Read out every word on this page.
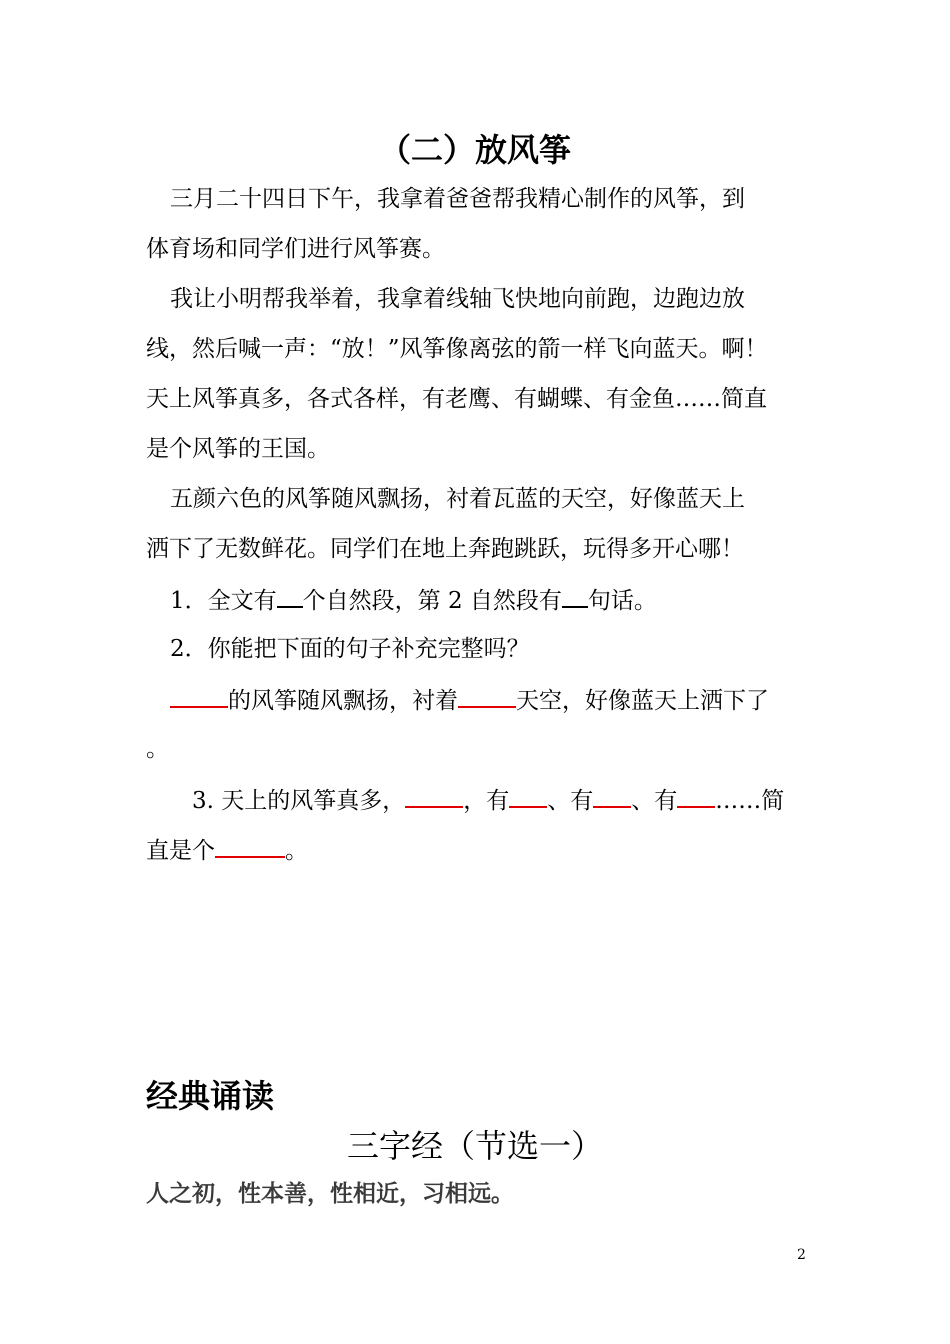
（二）放风筝
三月二十四日下午，我拿着爸爸帮我精心制作的风筝，到
体育场和同学们进行风筝赛。
我让小明帮我举着，我拿着线轴飞快地向前跑，边跑边放
线，然后喊一声：“放！”风筝像离弦的箭一样飞向蓝天。啊！
天上风筝真多，各式各样，有老鹰、有蝴蝶、有金鱼……简直
是个风筝的王国。
五颜六色的风筝随风飘扬，衬着瓦蓝的天空，好像蓝天上
洒下了无数鲜花。同学们在地上奔跑跳跃，玩得多开心哪！
1．全文有 个自然段，第 2 自然段有 句话。
2．你能把下面的句子补充完整吗？
的风筝随风飘扬，衬着	天空，好像蓝天上洒下了
。
3. 天上的风筝真多，	，有 、有 、有 ……简
直是个	。
经典诵读
三字经（节选一）
人之初，性本善，性相近，习相远。
2
